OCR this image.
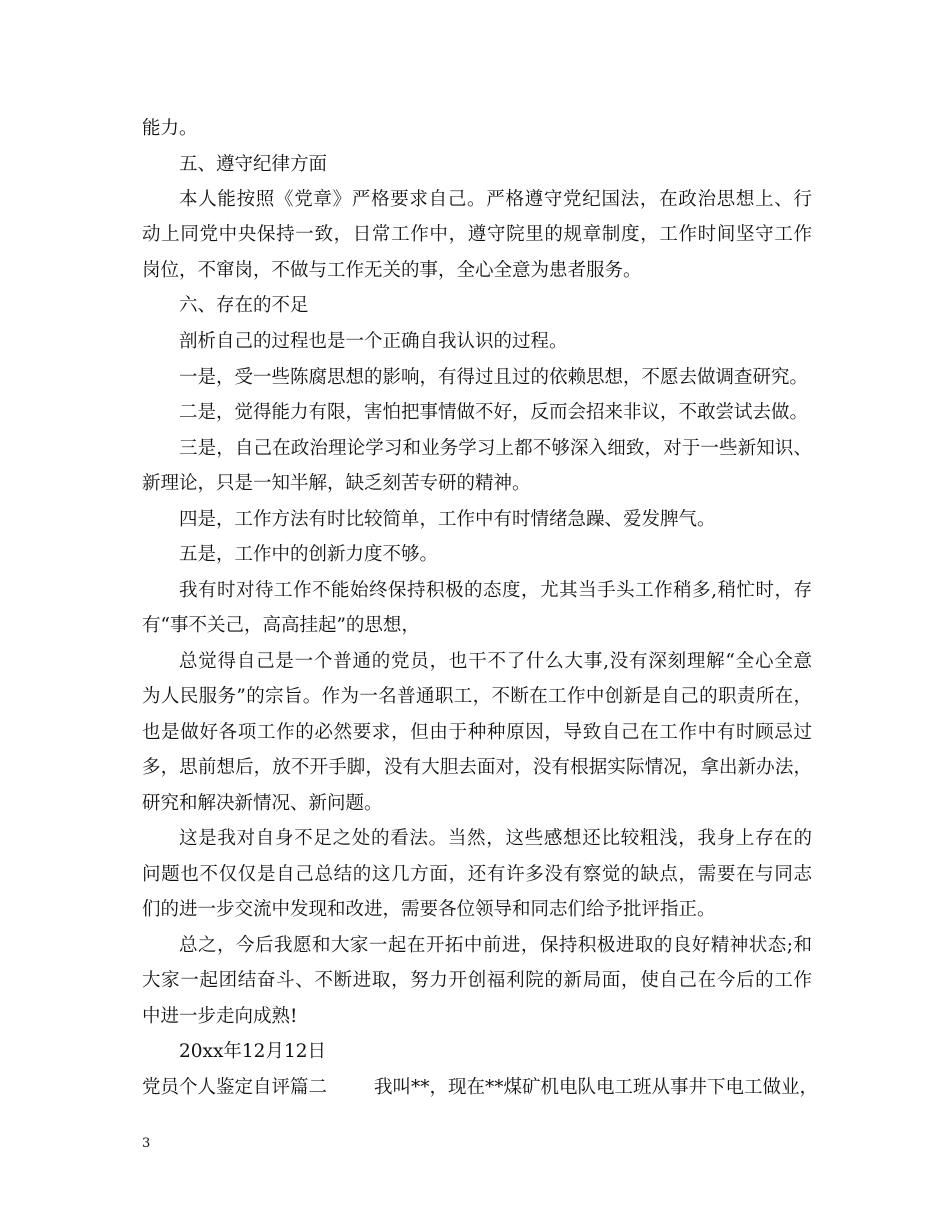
能力。
五、遵守纪律方面
本人能按照《党章》严格要求自己。严格遵守党纪国法，在政治思想上、行
动上同党中央保持一致，日常工作中，遵守院里的规章制度，工作时间坚守工作
岗位，不窜岗，不做与工作无关的事，全心全意为患者服务。
六、存在的不足
剖析自己的过程也是一个正确自我认识的过程。
一是，受一些陈腐思想的影响，有得过且过的依赖思想，不愿去做调查研究。
二是，觉得能力有限，害怕把事情做不好，反而会招来非议，不敢尝试去做。
三是，自己在政治理论学习和业务学习上都不够深入细致，对于一些新知识、
新理论，只是一知半解，缺乏刻苦专研的精神。
四是，工作方法有时比较简单，工作中有时情绪急躁、爱发脾气。
五是，工作中的创新力度不够。
我有时对待工作不能始终保持积极的态度，尤其当手头工作稍多,稍忙时，存
有“事不关己，高高挂起”的思想，
总觉得自己是一个普通的党员，也干不了什么大事,没有深刻理解“全心全意
为人民服务”的宗旨。作为一名普通职工，不断在工作中创新是自己的职责所在，
也是做好各项工作的必然要求，但由于种种原因，导致自己在工作中有时顾忌过
多，思前想后，放不开手脚，没有大胆去面对，没有根据实际情况，拿出新办法，
研究和解决新情况、新问题。
这是我对自身不足之处的看法。当然，这些感想还比较粗浅，我身上存在的
问题也不仅仅是自己总结的这几方面，还有许多没有察觉的缺点，需要在与同志
们的进一步交流中发现和改进，需要各位领导和同志们给予批评指正。
总之，今后我愿和大家一起在开拓中前进，保持积极进取的良好精神状态;和
大家一起团结奋斗、不断进取，努力开创福利院的新局面，使自己在今后的工作
中进一步走向成熟!
20xx年12月12日
党员个人鉴定自评篇二        我叫**，现在**煤矿机电队电工班从事井下电工做业，
3
